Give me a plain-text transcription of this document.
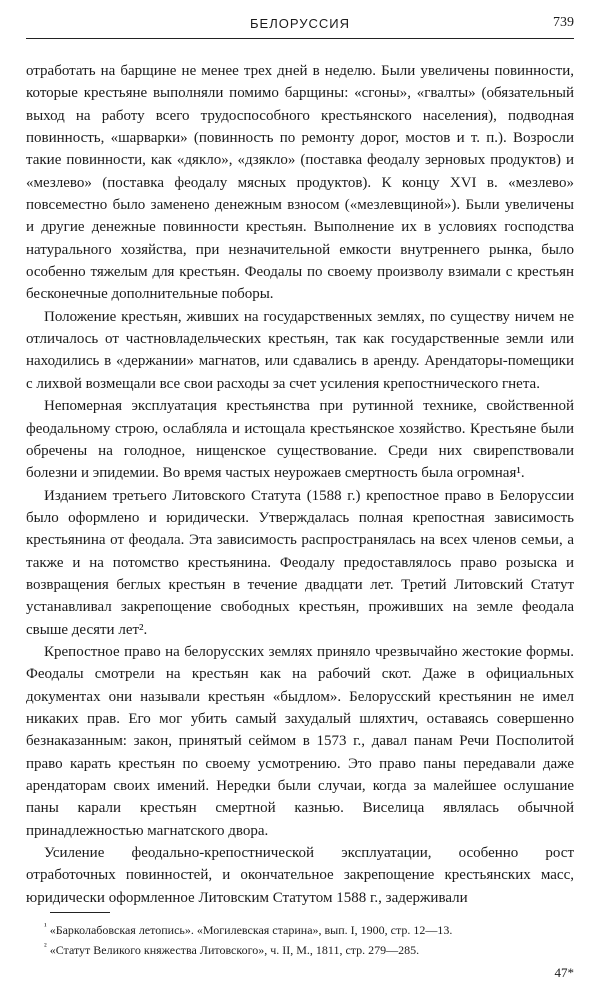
БЕЛОРУССИЯ	739

отработать на барщине не менее трех дней в неделю. Были увеличены повинности, которые крестьяне выполняли помимо барщины: «сгоны», «гвалты» (обязательный выход на работу всего трудоспособного крестьянского населения), подводная повинность, «шарварки» (повинность по ремонту дорог, мостов и т. п.). Возросли такие повинности, как «дякло», «дзякло» (поставка феодалу зерновых продуктов) и «мезлево» (поставка феодалу мясных продуктов). К концу XVI в. «мезлево» повсеместно было заменено денежным взносом («мезлевщиной»). Были увеличены и другие денежные повинности крестьян. Выполнение их в условиях господства натурального хозяйства, при незначительной емкости внутреннего рынка, было особенно тяжелым для крестьян. Феодалы по своему произволу взимали с крестьян бесконечные дополнительные поборы.

Положение крестьян, живших на государственных землях, по существу ничем не отличалось от частновладельческих крестьян, так как государственные земли или находились в «держании» магнатов, или сдавались в аренду. Арендаторы-помещики с лихвой возмещали все свои расходы за счет усиления крепостнического гнета.

Непомерная эксплуатация крестьянства при рутинной технике, свойственной феодальному строю, ослабляла и истощала крестьянское хозяйство. Крестьяне были обречены на голодное, нищенское существование. Среди них свирепствовали болезни и эпидемии. Во время частых неурожаев смертность была огромная¹.

Изданием третьего Литовского Статута (1588 г.) крепостное право в Белоруссии было оформлено и юридически. Утверждалась полная крепостная зависимость крестьянина от феодала. Эта зависимость распространялась на всех членов семьи, а также и на потомство крестьянина. Феодалу предоставлялось право розыска и возвращения беглых крестьян в течение двадцати лет. Третий Литовский Статут устанавливал закрепощение свободных крестьян, проживших на земле феодала свыше десяти лет².

Крепостное право на белорусских землях приняло чрезвычайно жестокие формы. Феодалы смотрели на крестьян как на рабочий скот. Даже в официальных документах они называли крестьян «быдлом». Белорусский крестьянин не имел никаких прав. Его мог убить самый захудалый шляхтич, оставаясь совершенно безнаказанным: закон, принятый сеймом в 1573 г., давал панам Речи Посполитой право карать крестьян по своему усмотрению. Это право паны передавали даже арендаторам своих имений. Нередки были случаи, когда за малейшее ослушание паны карали крестьян смертной казнью. Виселица являлась обычной принадлежностью магнатского двора.

Усиление феодально-крепостнической эксплуатации, особенно рост отработочных повинностей, и окончательное закрепощение крестьянских масс, юридически оформленное Литовским Статутом 1588 г., задерживали

$^{^1}$ «Барколабовская летопись». «Могилевская старина», вып. I, 1900, стр. 12—13.
$^{^2}$ «Статут Великого княжества Литовского», ч. II, М., 1811, стр. 279—285.
47*
